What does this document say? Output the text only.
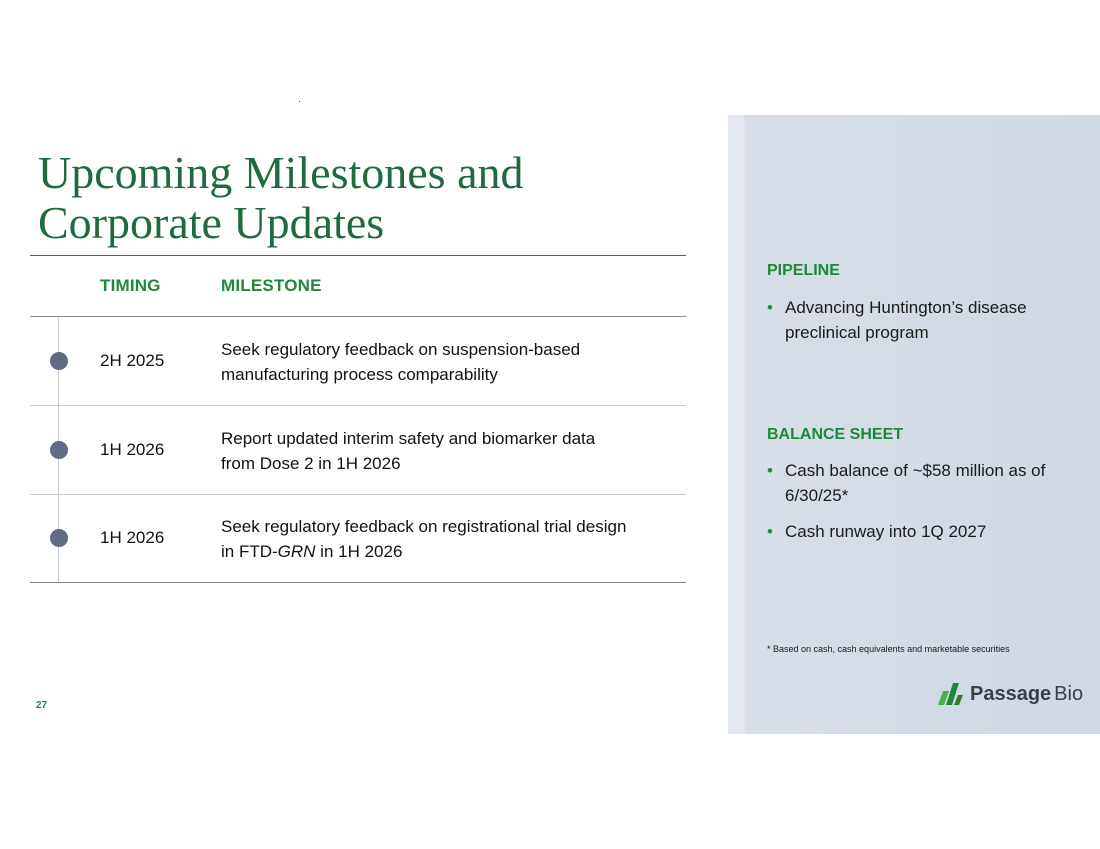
Upcoming Milestones and
Corporate Updates
TIMING	MILESTONE
2H 2025
Seek regulatory feedback on suspension-based
manufacturing process comparability
1H 2026
Report updated interim safety and biomarker data
from Dose 2 in 1H 2026
1H 2026
Seek regulatory feedback on registrational trial design
in FTD-GRN in 1H 2026
PIPELINE
• Advancing Huntington’s disease preclinical program
BALANCE SHEET
• Cash balance of ~$58 million as of 6/30/25*
• Cash runway into 1Q 2027
* Based on cash, cash equivalents and marketable securities
Passage Bio
27
